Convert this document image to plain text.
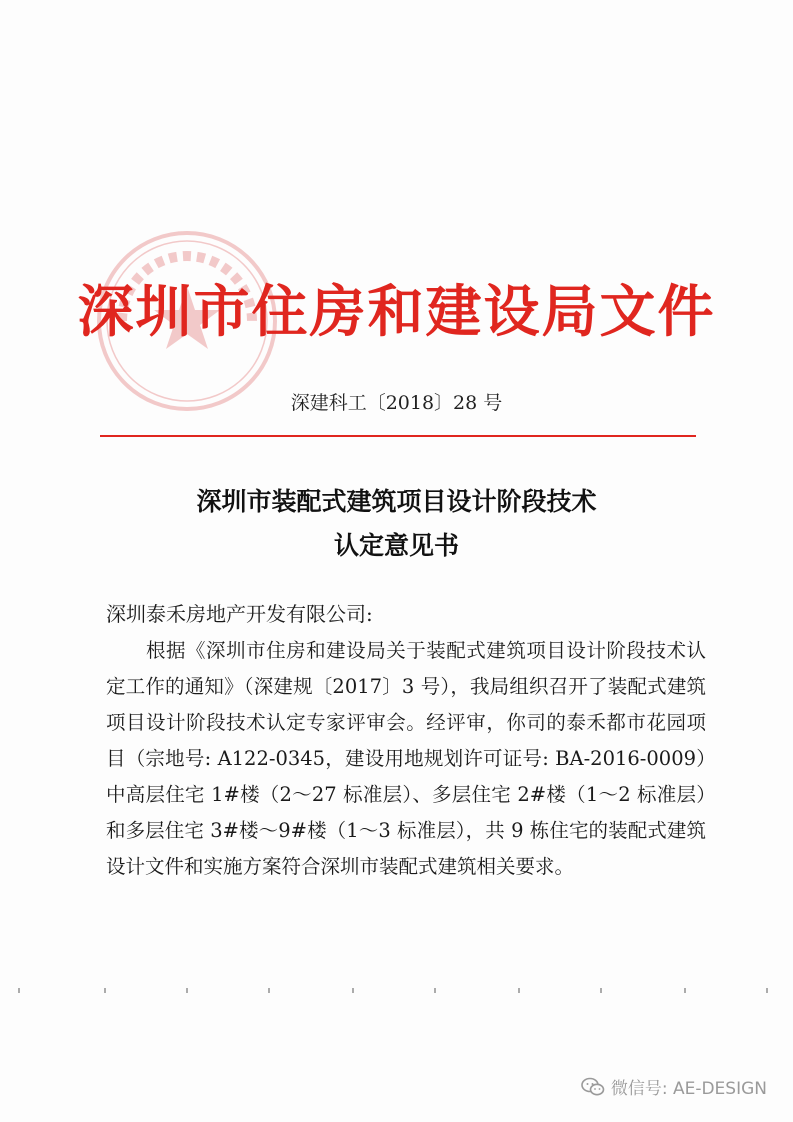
深圳市住房和建设局文件
深建科工〔2018〕28 号
深圳市装配式建筑项目设计阶段技术
认定意见书
深圳泰禾房地产开发有限公司:
根据《深圳市住房和建设局关于装配式建筑项目设计阶段技术认定工作的通知》（深建规〔2017〕3 号），我局组织召开了装配式建筑项目设计阶段技术认定专家评审会。经评审，你司的泰禾都市花园项目（宗地号: A122-0345，建设用地规划许可证号: BA-2016-0009）中高层住宅 1#楼（2～27 标准层）、多层住宅 2#楼（1～2 标准层）和多层住宅 3#楼～9#楼（1～3 标准层），共 9 栋住宅的装配式建筑设计文件和实施方案符合深圳市装配式建筑相关要求。
微信号: AE-DESIGN
